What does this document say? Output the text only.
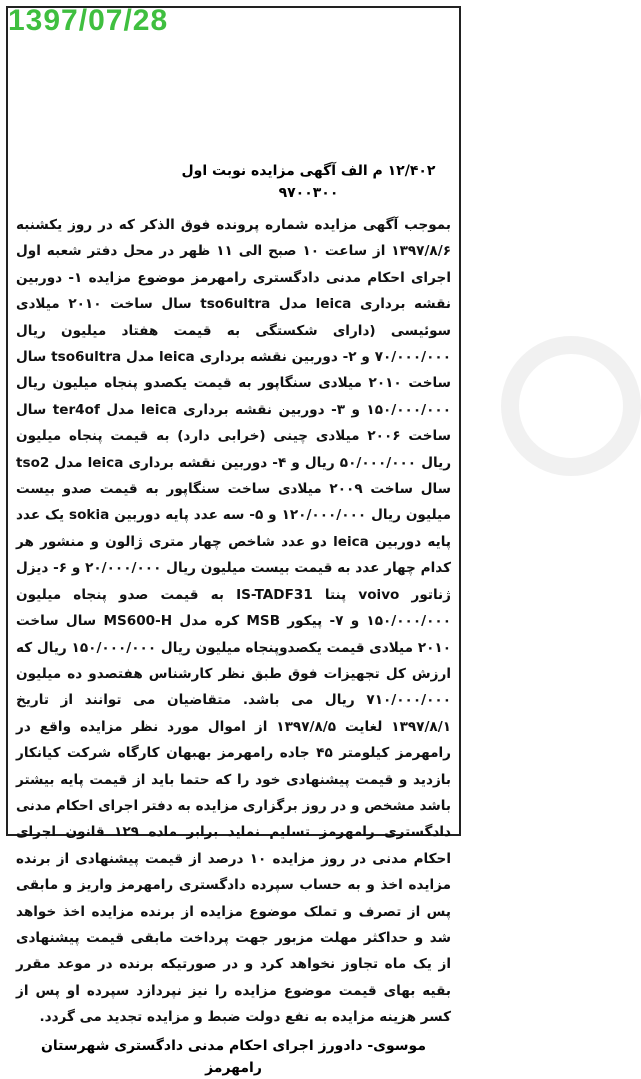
1397/07/28
۱۲/۴۰۲ م الف آگهی مزایده نوبت اول ۹۷۰۰۳۰۰

بموجب آگهی مزایده شماره پرونده فوق الذکر که در روز یکشنبه ۱۳۹۷/۸/۶ از ساعت ۱۰ صبح الی ۱۱ ظهر در محل دفتر شعبه اول اجرای احکام مدنی دادگستری رامهرمز موضوع مزایده ۱- دوربین نقشه برداری leica مدل tso6ultra سال ساخت ۲۰۱۰ میلادی سوئیسی (دارای شکستگی به قیمت هفتاد میلیون ریال ۷۰/۰۰۰/۰۰۰ و ۲- دوربین نقشه برداری leica مدل tso6ultra سال ساخت ۲۰۱۰ میلادی سنگاپور به قیمت یکصدو پنجاه میلیون ریال ۱۵۰/۰۰۰/۰۰۰ و ۳- دوربین نقشه برداری leica مدل ter4of سال ساخت ۲۰۰۶ میلادی چینی (خرابی دارد) به قیمت پنجاه میلیون ریال ۵۰/۰۰۰/۰۰۰ ریال و ۴- دوربین نقشه برداری leica مدل tso2 سال ساخت ۲۰۰۹ میلادی ساخت سنگاپور به قیمت صدو بیست میلیون ریال ۱۲۰/۰۰۰/۰۰۰ و ۵- سه عدد پایه دوربین sokia یک عدد پایه دوربین leica دو عدد شاخص چهار متری ژالون و منشور هر کدام چهار عدد به قیمت بیست میلیون ریال ۲۰/۰۰۰/۰۰۰ و ۶- دیزل ژناتور voivo پنتا IS-TADF31 به قیمت صدو پنجاه میلیون ۱۵۰/۰۰۰/۰۰۰ و ۷- پیکور MSB کره مدل MS600-H سال ساخت ۲۰۱۰ میلادی قیمت یکصدوپنجاه میلیون ریال ۱۵۰/۰۰۰/۰۰۰ ریال که ارزش کل تجهیزات فوق طبق نظر کارشناس هفتصدو ده میلیون ۷۱۰/۰۰۰/۰۰۰ ریال می باشد. متقاضیان می توانند از تاریخ ۱۳۹۷/۸/۱ لغایت ۱۳۹۷/۸/۵ از اموال مورد نظر مزایده واقع در رامهرمز کیلومتر ۴۵ جاده رامهرمز بهبهان کارگاه شرکت کیانکار بازدید و قیمت پیشنهادی خود را که حتما باید از قیمت پایه بیشتر باشد مشخص و در روز برگزاری مزایده به دفتر اجرای احکام مدنی دادگستری رامهرمز تسلیم نماید برابر ماده ۱۲۹ قانون اجرای احکام مدنی در روز مزایده ۱۰ درصد از قیمت پیشنهادی از برنده مزایده اخذ و به حساب سپرده دادگستری رامهرمز واریز و مابقی پس از تصرف و تملک موضوع مزایده از برنده مزایده اخذ خواهد شد و حداکثر مهلت مزبور جهت پرداخت مابقی قیمت پیشنهادی از یک ماه تجاوز نخواهد کرد و در صورتیکه برنده در موعد مقرر بقیه بهای قیمت موضوع مزایده را نیز نپردازد سپرده او پس از کسر هزینه مزایده به نفع دولت ضبط و مزایده تجدید می گردد.

موسوی- دادورز اجرای احکام مدنی دادگستری شهرستان رامهرمز
